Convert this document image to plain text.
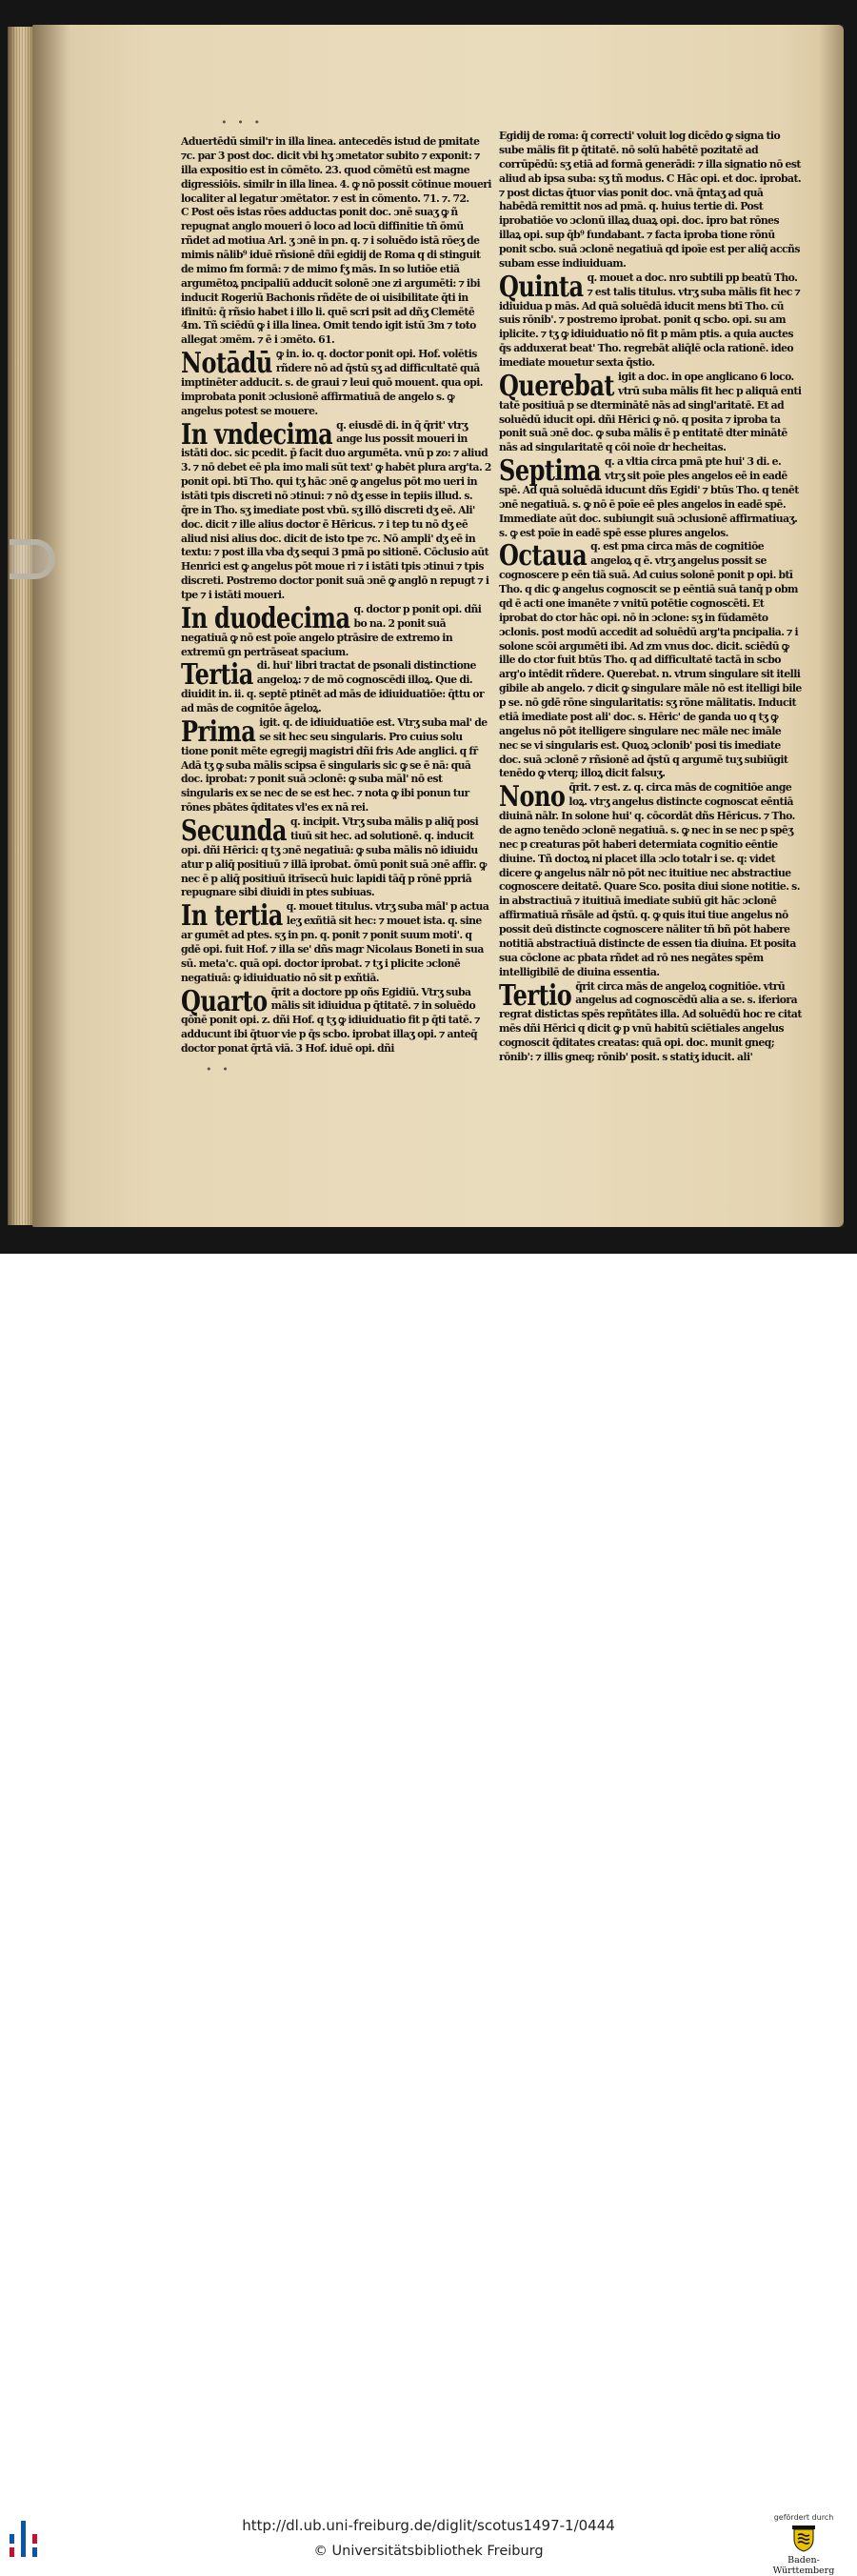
• • •
• •

Aduertēdū simil'r in illa linea. antecedēs istud de pmitate ⁊c. par 3 post doc. dicit vbi hʒ ɔmetator subito ⁊ exponit: ⁊ illa expositio est in cōmēto. 23. quod cōmētū est magne digressiōis. similr in illa linea. 4. ꝙ nō possit cōtinue moueri localiter al legatur ɔmētator. ⁊ est in cōmento. 71. ⁊. 72.

C Post oēs istas rōes adductas ponit doc. ɔnē suaʒ ꝙ ñ repugnat anglo moueri ō loco ad locū diffinitie tñ ōmū rñdet ad motiua Arl. ʒ ɔnē in pn. q. ⁊ i soluēdo istā rōeʒ de mimis nālib⁹ iduē rñsionē dñi egidij de Roma q di stinguit de mimo fm formā: ⁊ de mimo fʒ mās. In so lutiōe etiā argumētoꝝ pncipaliū adducit solonē ɔne zi argumēti: ⁊ ibi inducit Rogeriū Bachonis rñdēte de oi uisibilitate q̄ti in ifinitū: q̄ rñsio habet i illo li. quē scri psit ad dñʒ Clemētē 4m. Tñ sciēdū ꝙ i illa linea. Omit tendo igit istū 3m ⁊ toto allegat ɔmēm. ⁊ ē i ɔmēto. 61.

Notādū ꝙ in. io. q. doctor ponit opi. Hof. volētis rñdere nō ad q̄stū sʒ ad difficultatē quā imptinēter adducit. s. de graui ⁊ leui quō mouent. qua opi. improbata ponit ɔclusionē affirmatiuā de angelo s. ꝙ angelus potest se mouere.

In vndecima q. eiusdē di. in q̄ q̄rit' vtrʒ ange lus possit moueri in istāti doc. sic pcedit. p̄ facit duo argumēta. vnū p zo: ⁊ aliud 3. ⁊ nō debet eē pla imo mali sūt text' ꝙ habēt plura arg'ta. 2 ponit opi. btī Tho. qui tʒ hāc ɔnē ꝙ angelus pōt mo ueri in istāti tpis discreti nō ɔtinui: ⁊ nō dʒ esse in tepiis illud. s. q̄re in Tho. sʒ imediate post vbū. sʒ illō discreti dʒ eē. Ali' doc. dicit ⁊ ille alius doctor ē Hēricus. ⁊ i tep tu nō dʒ eē aliud nisi alius doc. dicit de isto tpe ⁊c. Nō ampli' dʒ eē in textu: ⁊ post illa vba dʒ sequi 3 pmā po sitionē. Cōclusio aūt Henrici est ꝙ angelus pōt moue ri ⁊ i istāti tpis ɔtinui ⁊ tpis discreti. Postremo doctor ponit suā ɔnē ꝙ anglō n repugt ⁊ i tpe ⁊ i istāti moueri.

In duodecima q. doctor p ponit opi. dñi bo na. 2 ponit suā negatiuā ꝙ nō est poīe angelo ptrāsire de extremo in extremū gn pertrāseat spacium.

Tertia di. hui' libri tractat de psonali distinctione angeloꝝ: ⁊ de mō cognoscēdi illoꝝ. Que di. diuidit in. ii. q. septē ptinēt ad mās de idiuiduatiōe: q̄ttu or ad mās de cognitōe āgeloꝝ.

Prima igit. q. de idiuiduatiōe est. Vtrʒ suba mal' de se sit hec seu singularis. Pro cuius solu tione ponit mēte egregij magistri dñi fris Ade anglici. q fr̄ Adā tʒ ꝙ suba mālis scipsa ē singularis sic ꝙ se ē nā: quā doc. iprobat: ⁊ ponit suā ɔclonē: ꝙ suba māl' nō est singularis ex se nec de se est hec. ⁊ nota ꝙ ibi ponun tur rōnes pbātes q̄ditates vl'es ex nā rei.

Secunda q. incipit. Vtrʒ suba mālis p aliq̄ posi tiuū sit hec. ad solutionē. q. inducit opi. dñi Hērici: q tʒ ɔnē negatiuā: ꝙ suba mālis nō idiuidu atur p aliq̄ positiuū ⁊ illā iprobat. ōmū ponit suā ɔnē affir. ꝙ nec ē p aliq̄ positiuū itrīsecū huic lapidi tāq̄ p rōnē ppriā repugnare sibi diuidi in ptes subiuas.

In tertia q. mouet titulus. vtrʒ suba māl' p actua leʒ exñtiā sit hec: ⁊ mouet ista. q. sine ar gumēt ad ptes. sʒ in pn. q. ponit ⁊ ponit suum moti'. q gdē opi. fuit Hof. ⁊ illa se' dñs magr Nicolaus Boneti in sua sū. meta'c. quā opi. doctor iprobat. ⁊ tʒ i plicite ɔclonē negatiuā: ꝙ idiuiduatio nō sit p exñtiā.

Quarto q̄rit a doctore pp oñs Egidiū. Vtrʒ suba mālis sit idiuidua p q̄titatē. ⁊ in soluēdo qōnē ponit opi. z. dñi Hof. q tʒ ꝙ idiuiduatio fit p q̄ti tatē. ⁊ adducunt ibi q̄tuor vie p q̄s scbo. iprobat illaʒ opi. ⁊ anteq̄ doctor ponat q̄rtā viā. 3 Hof. iduē opi. dñi

Egidij de roma: q̄ correcti' voluit log dicēdo ꝙ signa tio sube mālis fit p q̄titatē. nō solū habētē pozitatē ad corrūpēdū: sʒ etiā ad formā generādi: ⁊ illa signatio nō est aliud ab ipsa suba: sʒ tñ modus. C Hāc opi. et doc. iprobat. ⁊ post dictas q̄tuor vias ponit doc. vnā q̄ntaʒ ad quā habēdā remittit nos ad pmā. q. huius tertie di. Post iprobatiōe vo ɔclonū illaꝝ duaꝝ opi. doc. ipro bat rōnes illaꝝ opi. sup q̄b⁹ fundabant. ⁊ facta iproba tione rōnū ponit scbo. suā ɔclonē negatiuā qd ipoīe est per aliq̄ accñs subam esse indiuiduam.

Quinta q. mouet a doc. nro subtili pp beatū Tho. ⁊ est talis titulus. vtrʒ suba mālis fit hec ⁊ idiuidua p mās. Ad quā soluēdā iducit mens btī Tho. cū suis rōnib'. ⁊ postremo iprobat. ponit q scbo. opi. su am iplicite. ⁊ tʒ ꝙ idiuiduatio nō fit p mām ptis. a quia auctes q̄s adduxerat beat' Tho. regrebāt aliq̄lē ocla rationē. ideo imediate mouetur sexta q̄stio.

Querebat igit a doc. in ope anglicano 6 loco. vtrū suba mālis fit hec p aliquā enti tatē positiuā p se dterminātē nās ad singl'aritatē. Et ad soluēdū iducit opi. dñi Hērici ꝙ nō. q posita ⁊ iproba ta ponit suā ɔnē doc. ꝙ suba mālis ē p entitatē dter minātē nās ad singularitatē q cōi noīe dr hecheitas.

Septima q. a vltia circa pmā pte hui' 3 di. e. vtrʒ sit poīe ples angelos eē in eadē spē. Ad quā soluēdā iducunt dñs Egidi' ⁊ btūs Tho. q tenēt ɔnē negatiuā. s. ꝙ nō ē poīe eē ples angelos in eadē spē. Immediate aūt doc. subiungit suā ɔclusionē affirmatiuaʒ. s. ꝙ est poīe in eadē spē esse plures angelos.

Octaua q. est pma circa mās de cognitiōe angeloꝝ q ē. vtrʒ angelus possit se cognoscere p eēn tiā suā. Ad cuius solonē ponit p opi. btī Tho. q dic ꝙ angelus cognoscit se p eēntiā suā tanq̄ p obm qd ē acti one imanēte ⁊ vnitū potētie cognoscēti. Et iprobat do ctor hāc opi. nō in ɔclone: sʒ in fūdamēto ɔclonis. post modū accedit ad soluēdū arg'ta pncipalia. ⁊ i solone scōi argumēti ibi. Ad zm vnus doc. dicit. sciēdū ꝙ ille do ctor fuit btūs Tho. q ad difficultatē tactā in scbo arg'o intēdit rñdere. Querebat. n. vtrum singulare sit itelli gibile ab angelo. ⁊ dicit ꝙ singulare māle nō est itelligi bile p se. nō gdē rōne singularitatis: sʒ rōne mālitatis. Inducit etiā imediate post ali' doc. s. Hēric' de ganda uo q tʒ ꝙ angelus nō pōt itelligere singulare nec māle nec imāle nec se vi singularis est. Quoꝝ ɔclonib' posi tis imediate doc. suā ɔclonē ⁊ rñsionē ad q̄stū q argumē tuʒ subiūgit tenēdo ꝙ vterq; illoꝝ dicit falsuʒ.

Nono q̄rit. ⁊ est. z. q. circa mās de cognitiōe ange loꝝ. vtrʒ angelus distincte cognoscat eēntiā diuinā nālr. In solone hui' q. cōcordāt dñs Hēricus. ⁊ Tho. de agno tenēdo ɔclonē negatiuā. s. ꝙ nec in se nec p spēʒ nec p creaturas pōt haberi determiata cognitio eēntie diuine. Tñ doctoꝝ ni placet illa ɔclo totalr i se. q: videt dicere ꝙ angelus nālr nō pōt nec ituitiue nec abstractiue cognoscere deitatē. Quare Sco. posita diui sione notitie. s. in abstractiuā ⁊ ituitiuā imediate subiū git hāc ɔclonē affirmatiuā rñsāle ad q̄stū. q. ꝙ quis itui tiue angelus nō possit deū distincte cognoscere nāliter tñ bñ pōt habere notitiā abstractiuā distincte de essen tia diuina. Et posita sua cōclone ac pbata rñdet ad rō nes negātes spēm intelligibilē de diuina essentia.

Tertio q̄rit circa mās de angeloꝝ cognitiōe. vtrū angelus ad cognoscēdū alia a se. s. iferiora regrat distictas spēs repñtātes illa. Ad soluēdū hoc re citat mēs dñi Hērici q dicit ꝙ p vnū habitū sciētiales angelus cognoscit q̄ditates creatas: quā opi. doc. munit gneq; rōnib': ⁊ illis gneq; rōnib' posit. s statiʒ iducit. ali'

http://dl.ub.uni-freiburg.de/diglit/scotus1497-1/0444
© Universitätsbibliothek Freiburg
gefördert durch
Baden-Württemberg
